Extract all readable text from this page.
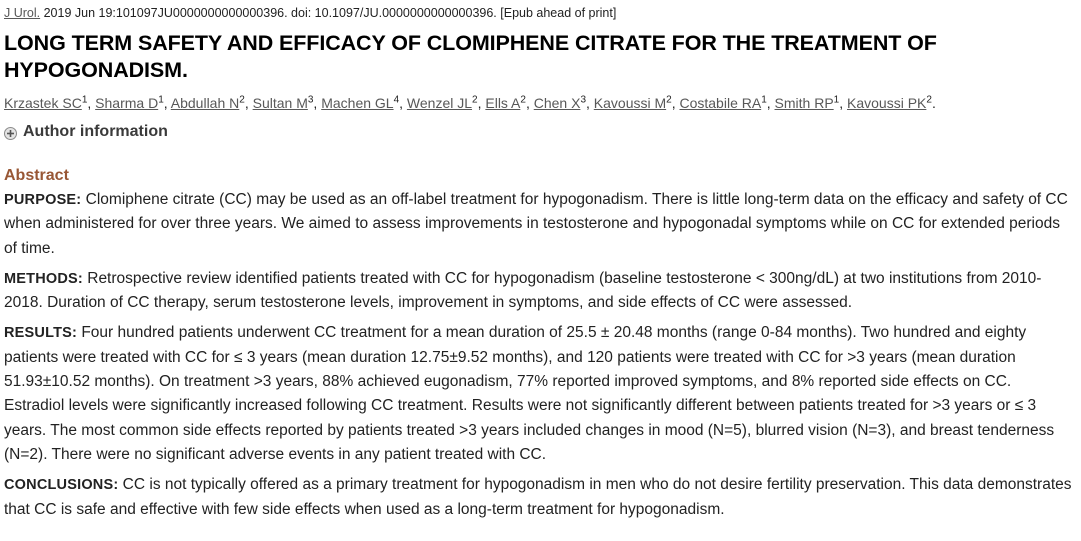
J Urol. 2019 Jun 19:101097JU0000000000000396. doi: 10.1097/JU.0000000000000396. [Epub ahead of print]
LONG TERM SAFETY AND EFFICACY OF CLOMIPHENE CITRATE FOR THE TREATMENT OF HYPOGONADISM.
Krzastek $SC^1$, Sharma $D^1$, Abdullah $N^2$, Sultan $M^3$, Machen $GL^4$, Wenzel $JL^2$, Ells $A^2$, Chen $X^3$, Kavoussi $M^2$, Costabile $RA^1$, Smith $RP^1$, Kavoussi $PK^2$.
Author information
Abstract

PURPOSE: Clomiphene citrate (CC) may be used as an off-label treatment for hypogonadism. There is little long-term data on the efficacy and safety of CC when administered for over three years. We aimed to assess improvements in testosterone and hypogonadal symptoms while on CC for extended periods of time.

METHODS: Retrospective review identified patients treated with CC for hypogonadism (baseline testosterone < 300ng/dL) at two institutions from 2010-2018. Duration of CC therapy, serum testosterone levels, improvement in symptoms, and side effects of CC were assessed.

RESULTS: Four hundred patients underwent CC treatment for a mean duration of 25.5 ± 20.48 months (range 0-84 months). Two hundred and eighty patients were treated with CC for ≤ 3 years (mean duration 12.75±9.52 months), and 120 patients were treated with CC for >3 years (mean duration 51.93±10.52 months). On treatment >3 years, 88% achieved eugonadism, 77% reported improved symptoms, and 8% reported side effects on CC. Estradiol levels were significantly increased following CC treatment. Results were not significantly different between patients treated for >3 years or ≤ 3 years. The most common side effects reported by patients treated >3 years included changes in mood (N=5), blurred vision (N=3), and breast tenderness (N=2). There were no significant adverse events in any patient treated with CC.

CONCLUSIONS: CC is not typically offered as a primary treatment for hypogonadism in men who do not desire fertility preservation. This data demonstrates that CC is safe and effective with few side effects when used as a long-term treatment for hypogonadism.
